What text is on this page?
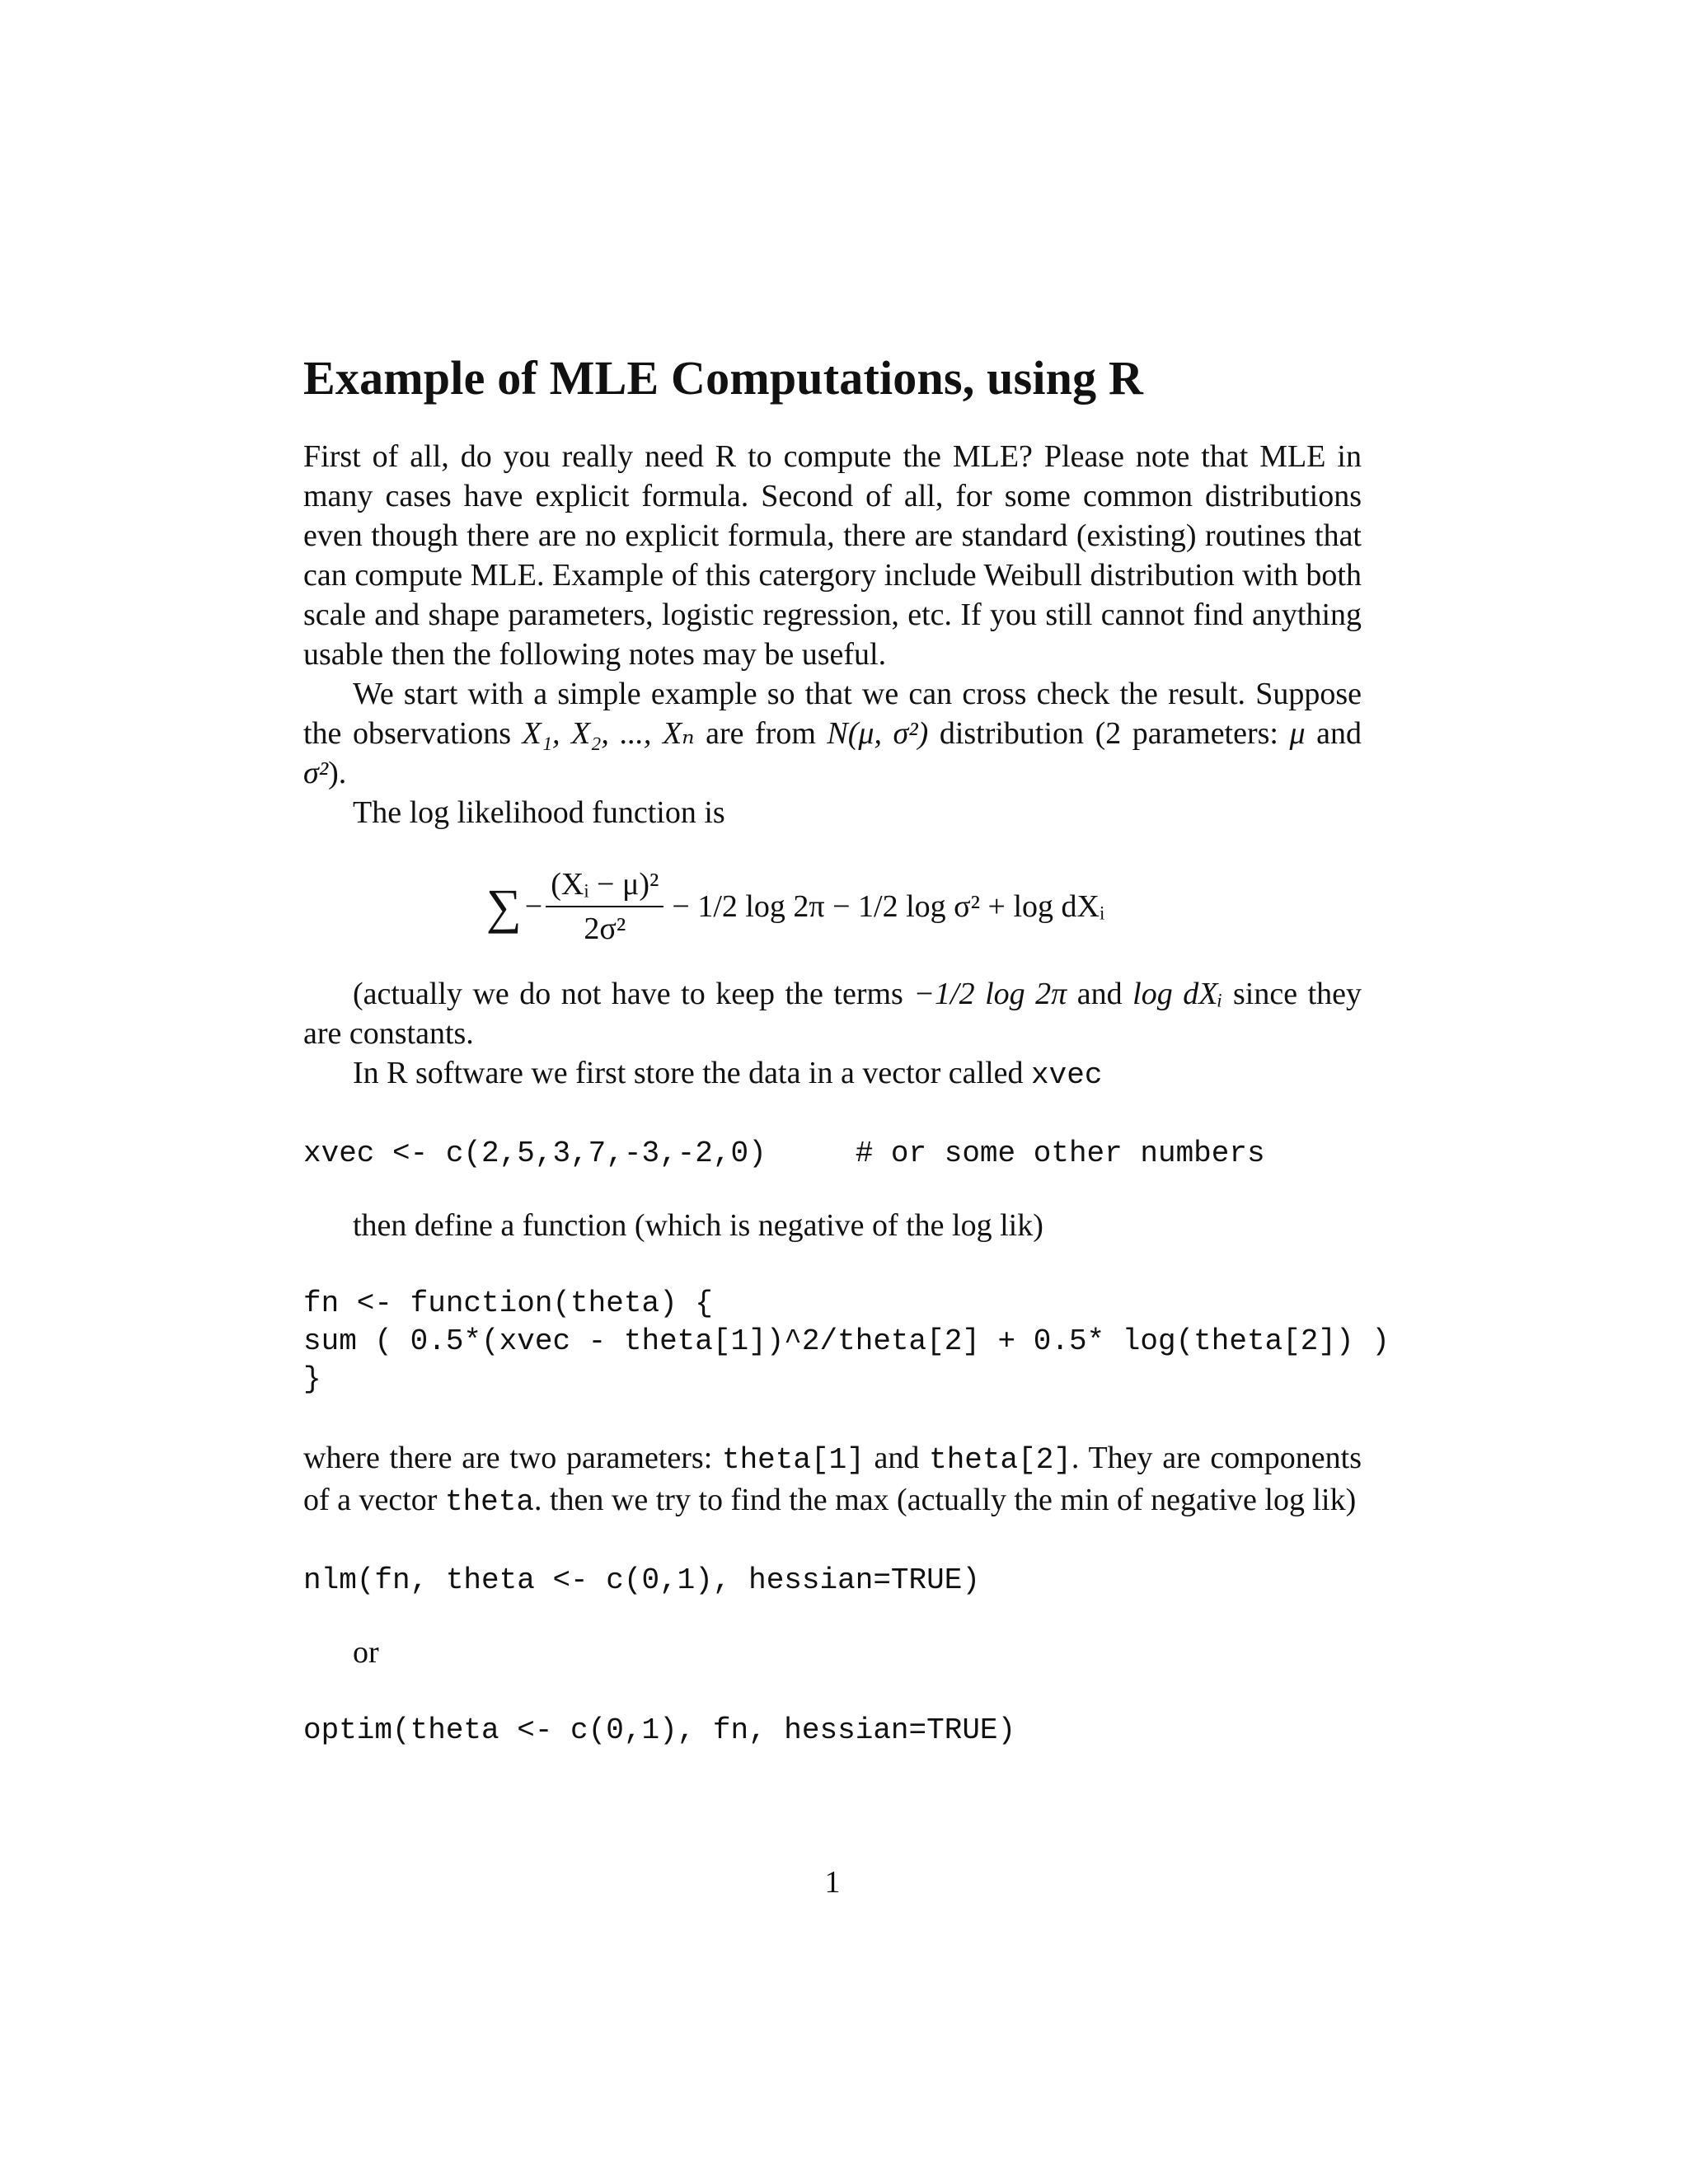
Example of MLE Computations, using R

First of all, do you really need R to compute the MLE? Please note that MLE in many cases have explicit formula. Second of all, for some common distributions even though there are no explicit formula, there are standard (existing) routines that can compute MLE. Example of this catergory include Weibull distribution with both scale and shape parameters, logistic regression, etc. If you still cannot find anything usable then the following notes may be useful.

We start with a simple example so that we can cross check the result. Suppose the observations X₁, X₂, ..., Xₙ are from N(μ, σ²) distribution (2 parameters: μ and σ²).

The log likelihood function is

∑ − $\frac{\text{(Xᵢ − μ)²}}{\text{2σ²}} - 1/2$ log 2π − 1/2 log σ² + log dXᵢ

(actually we do not have to keep the terms −1/2 log 2π and log dXᵢ since they are constants.

In R software we first store the data in a vector called xvec

xvec <- c(2,5,3,7,-3,-2,0)     # or some other numbers

then define a function (which is negative of the log lik)

fn <- function(theta) {
sum ( 0.5*(xvec - theta[1])^2/theta[2] + 0.5* log(theta[2]) )
}

where there are two parameters: theta[1] and theta[2]. They are components of a vector theta. then we try to find the max (actually the min of negative log lik)

nlm(fn, theta <- c(0,1), hessian=TRUE)

or

optim(theta <- c(0,1), fn, hessian=TRUE)
1
